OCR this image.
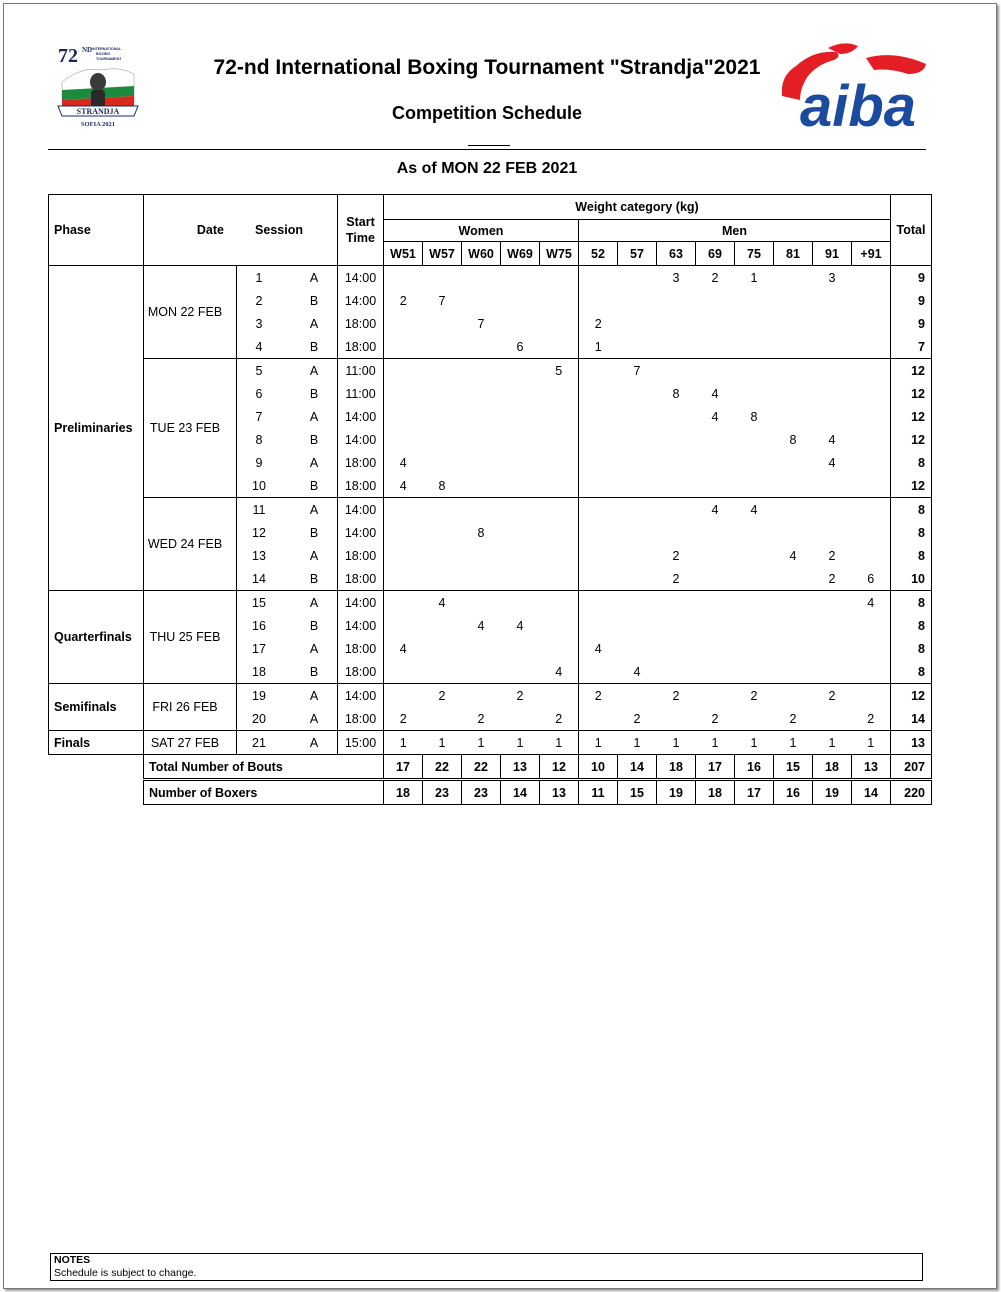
72 ND INTERNATIONAL
BOXING
TOURNAMENT
STRANDJA
SOFIA 2021
72-nd International Boxing Tournament "Strandja"2021
Competition Schedule	aiba
As of MON 22 FEB 2021
Phase	Date Session		Start Time	Weight category (kg)													Total
				Women					Men								
				W51	W57	W60	W69	W75	52	57	63	69	75	81	91	+91	
Preliminaries	MON 22 FEB	1 A	14:00								3	2	1		3		9

		2 B	14:00	2	7												9

		3 A	18:00			7			2								9

		4 B	18:00				6		1								7
	TUE 23 FEB	5 A	11:00					5		7							12

		6 B	11:00								8	4					12

		7 A	14:00									4	8				12

		8 B	14:00											8	4		12

		9 A	18:00	4											4		8

		10 B	18:00	4	8												12
	WED 24 FEB	11 A	14:00									4	4				8

		12 B	14:00			8											8

		13 A	18:00								2			4	2		8

		14 B	18:00								2				2	6	10
Quarterfinals	THU 25 FEB	15 A	14:00		4											4	8

		16 B	14:00			4	4										8

		17 A	18:00	4					4								8

		18 B	18:00					4		4							8
Semifinals	FRI 26 FEB	19 A	14:00		2		2		2		2		2		2		12

		20 A	18:00	2		2		2		2		2		2		2	14
Finals	SAT 27 FEB	21 A	15:00	1	1	1	1	1	1	1	1	1	1	1	1	1	13
	Total Number of Bouts			17	22	22	13	12	10	14	18	17	16	15	18	13	207
	Number of Boxers			18	23	23	14	13	11	15	19	18	17	16	19	14	220
NOTES
Schedule is subject to change.
